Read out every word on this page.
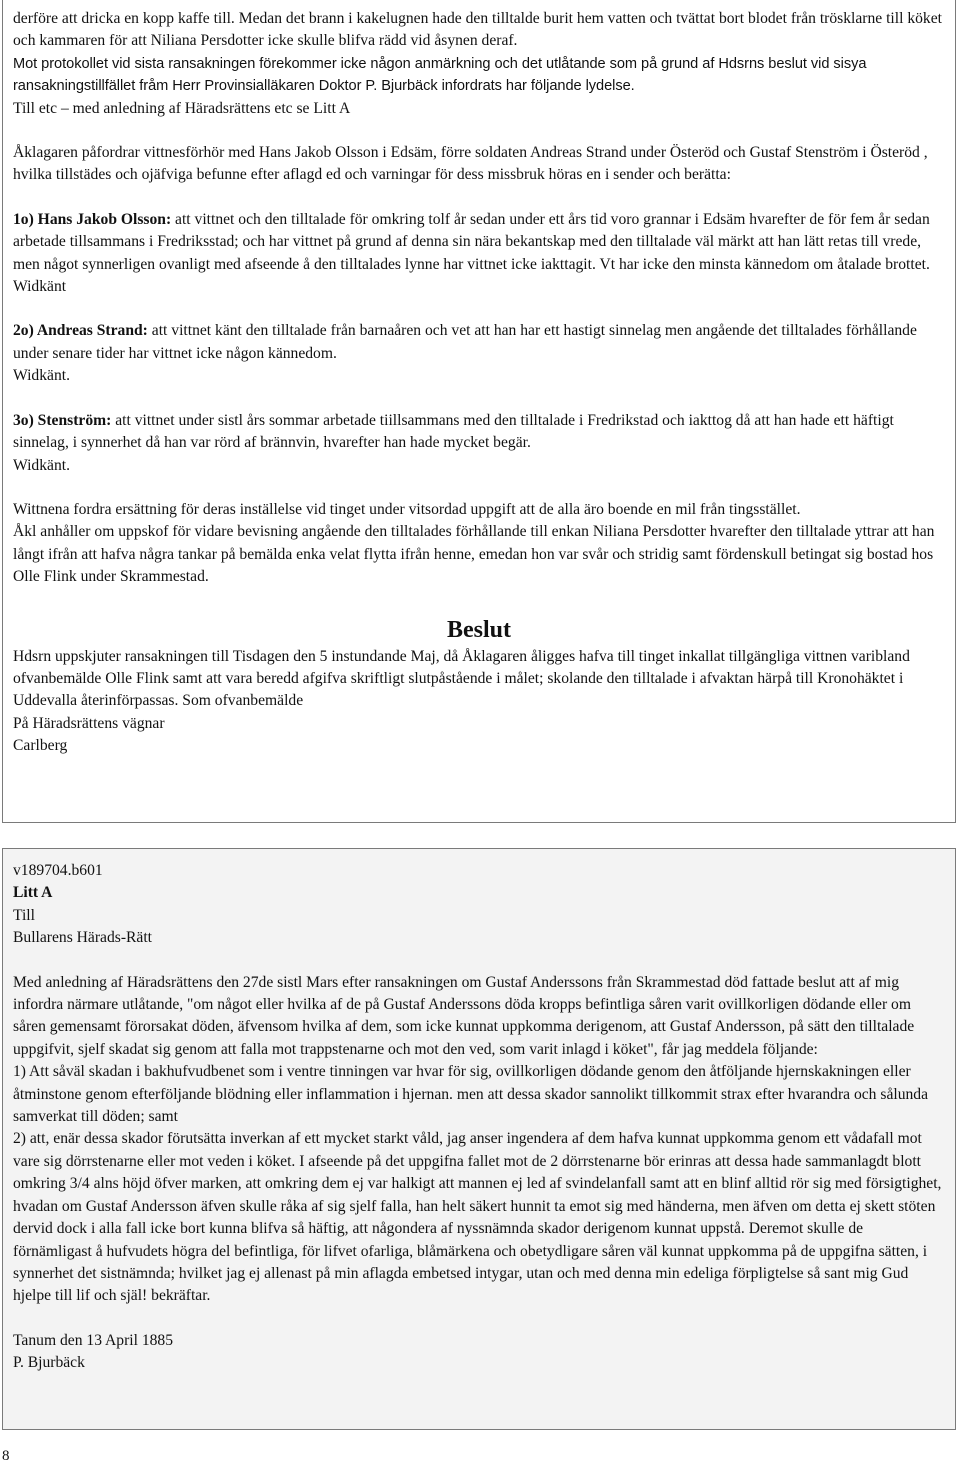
derföre att dricka en kopp kaffe till. Medan det brann i kakelugnen hade den tilltalde burit hem vatten och tvättat bort blodet från trösklarne till köket och kammaren för att Niliana Persdotter icke skulle blifva rädd vid åsynen deraf.

Mot protokollet vid sista ransakningen förekommer icke någon anmärkning och det utlåtande som på grund af Hdsrns beslut vid sisya ransakningstillfället fråm Herr Provinsialläkaren Doktor P. Bjurbäck infordrats har följande lydelse.

Till etc – med anledning af Häradsrättens etc se Litt A

Åklagaren påfordrar vittnesförhör med Hans Jakob Olsson i Edsäm, förre soldaten Andreas Strand under Österöd och Gustaf Stenström i Österöd , hvilka tillstädes och ojäfviga befunne efter aflagd ed och varningar för dess missbruk höras en i sender och berätta:

1o) Hans Jakob Olsson: att vittnet och den tilltalade för omkring tolf år sedan under ett års tid voro grannar i Edsäm hvarefter de för fem år sedan arbetade tillsammans i Fredriksstad; och har vittnet på grund af denna sin nära bekantskap med den tilltalade väl märkt att han lätt retas till vrede, men något synnerligen ovanligt med afseende å den tilltalades lynne har vittnet icke iakttagit. Vt har icke den minsta kännedom om åtalade brottet.

Widkänt

2o) Andreas Strand: att vittnet känt den tilltalade från barnaåren och vet att han har ett hastigt sinnelag men angående det tilltalades förhållande under senare tider har vittnet icke någon kännedom.

Widkänt.

3o) Stenström: att vittnet under sistl års sommar arbetade tiillsammans med den tilltalade i Fredrikstad och iakttog då att han hade ett häftigt sinnelag, i synnerhet då han var rörd af brännvin, hvarefter han hade mycket begär.

Widkänt.

Wittnena fordra ersättning för deras inställelse vid tinget under vitsordad uppgift att de alla äro boende en mil från tingsstället.

Åkl anhåller om uppskof för vidare bevisning angående den tilltalades förhållande till enkan Niliana Persdotter hvarefter den tilltalade yttrar att han långt ifrån att hafva några tankar på bemälda enka velat flytta ifrån henne, emedan hon var svår och stridig samt fördenskull betingat sig bostad hos Olle Flink under Skrammestad.

Beslut

Hdsrn uppskjuter ransakningen till Tisdagen den 5 instundande Maj, då Åklagaren åligges hafva till tinget inkallat tillgängliga vittnen varibland ofvanbemälde Olle Flink samt att vara beredd afgifva skriftligt slutpåstående i målet; skolande den tilltalade i afvaktan härpå till Kronohäktet i Uddevalla återinförpassas. Som ofvanbemälde

På Häradsrättens vägnar

Carlberg

v189704.b601

Litt A

Till

Bullarens Härads-Rätt

Med anledning af Häradsrättens den 27de sistl Mars efter ransakningen om Gustaf Anderssons från Skrammestad död fattade beslut att af mig infordra närmare utlåtande, "om något eller hvilka af de på Gustaf Anderssons döda kropps befintliga såren varit ovillkorligen dödande eller om såren gemensamt förorsakat döden, äfvensom hvilka af dem, som icke kunnat uppkomma derigenom, att Gustaf Andersson, på sätt den tilltalade uppgifvit, sjelf skadat sig genom att falla mot trappstenarne och mot den ved, som varit inlagd i köket", får jag meddela följande:

1) Att såväl skadan i bakhufvudbenet som i ventre tinningen var hvar för sig, ovillkorligen dödande genom den åtföljande hjernskakningen eller åtminstone genom efterföljande blödning eller inflammation i hjernan. men att dessa skador sannolikt tillkommit strax efter hvarandra och sålunda samverkat till döden; samt

2) att, enär dessa skador förutsätta inverkan af ett mycket starkt våld, jag anser ingendera af dem hafva kunnat uppkomma genom ett vådafall mot vare sig dörrstenarne eller mot veden i köket. I afseende på det uppgifna fallet mot de 2 dörrstenarne bör erinras att dessa hade sammanlagdt blott omkring 3/4 alns höjd öfver marken, att omkring dem ej var halkigt att mannen ej led af svindelanfall samt att en blinf alltid rör sig med försigtighet, hvadan om Gustaf Andersson äfven skulle råka af sig sjelf falla, han helt säkert hunnit ta emot sig med händerna, men äfven om detta ej skett stöten dervid dock i alla fall icke bort kunna blifva så häftig, att någondera af nyssnämnda skador derigenom kunnat uppstå. Deremot skulle de förnämligast å hufvudets högra del befintliga, för lifvet ofarliga, blåmärkena och obetydligare såren väl kunnat uppkomma på de uppgifna sätten, i synnerhet det sistnämnda; hvilket jag ej allenast på min aflagda embetsed intygar, utan och med denna min edeliga förpligtelse så sant mig Gud hjelpe till lif och själ! bekräftar.

Tanum den 13 April 1885

P. Bjurbäck

8
